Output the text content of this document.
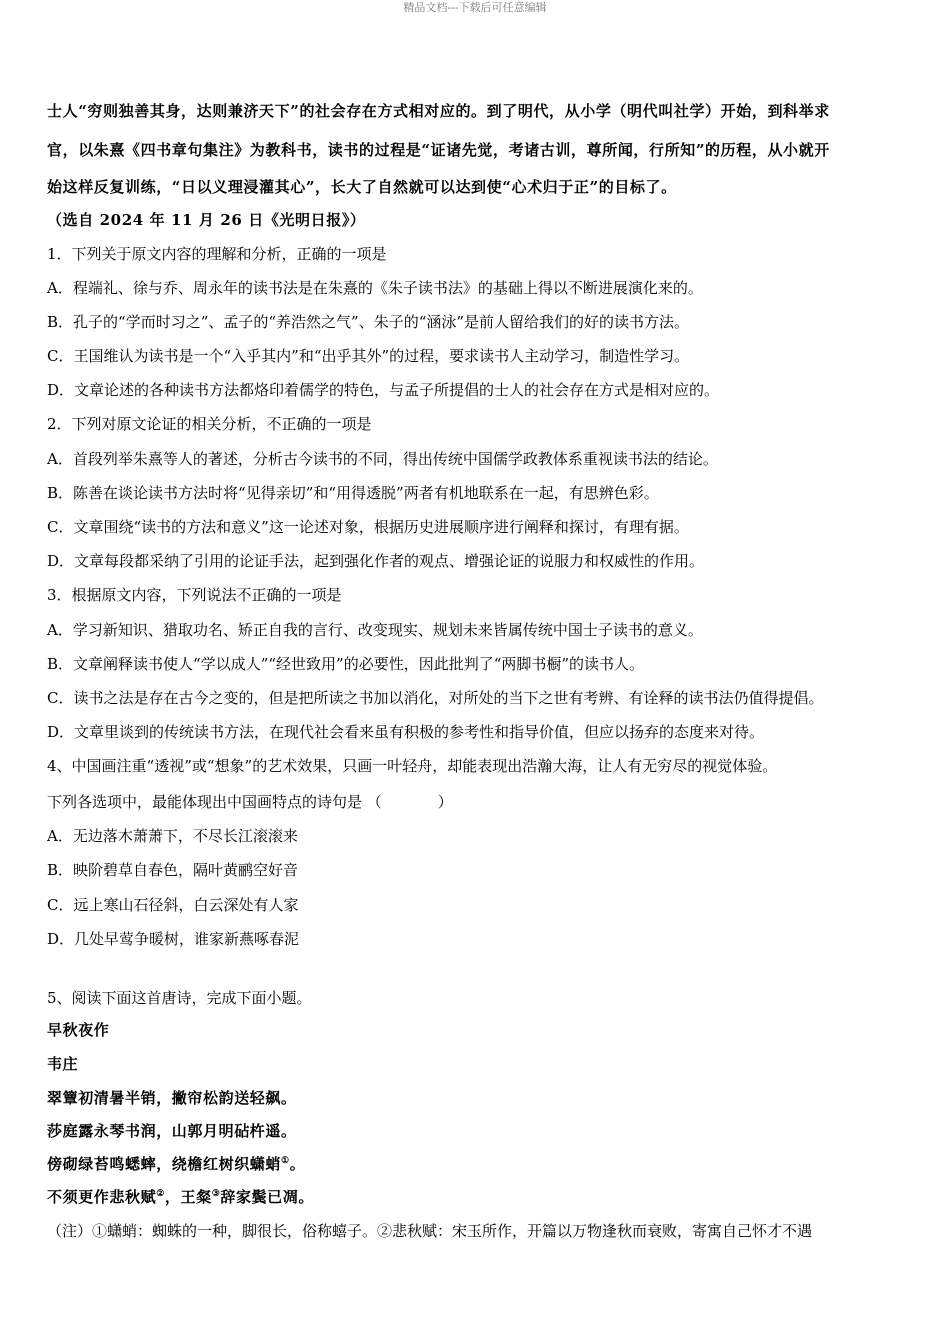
精品文档---下载后可任意编辑
士人“穷则独善其身，达则兼济天下”的社会存在方式相对应的。到了明代，从小学（明代叫社学）开始，到科举求
官，以朱熹《四书章句集注》为教科书，读书的过程是“证诸先觉，考诸古训，尊所闻，行所知”的历程，从小就开
始这样反复训练，“日以义理浸灌其心”，长大了自然就可以达到使“心术归于正”的目标了。
（选自 2024 年 11 月 26 日《光明日报》）
1．下列关于原文内容的理解和分析，正确的一项是
A．程端礼、徐与乔、周永年的读书法是在朱熹的《朱子读书法》的基础上得以不断进展演化来的。
B．孔子的“学而时习之”、孟子的“养浩然之气”、朱子的“涵泳”是前人留给我们的好的读书方法。
C．王国维认为读书是一个“入乎其内”和“出乎其外”的过程，要求读书人主动学习，制造性学习。
D．文章论述的各种读书方法都烙印着儒学的特色，与孟子所提倡的士人的社会存在方式是相对应的。
2．下列对原文论证的相关分析，不正确的一项是
A．首段列举朱熹等人的著述，分析古今读书的不同，得出传统中国儒学政教体系重视读书法的结论。
B．陈善在谈论读书方法时将“见得亲切”和“用得透脱”两者有机地联系在一起，有思辨色彩。
C．文章围绕“读书的方法和意义”这一论述对象，根据历史进展顺序进行阐释和探讨，有理有据。
D．文章每段都采纳了引用的论证手法，起到强化作者的观点、增强论证的说服力和权威性的作用。
3．根据原文内容，下列说法不正确的一项是
A．学习新知识、猎取功名、矫正自我的言行、改变现实、规划未来皆属传统中国士子读书的意义。
B．文章阐释读书使人“学以成人”“经世致用”的必要性，因此批判了“两脚书橱”的读书人。
C．读书之法是存在古今之变的，但是把所读之书加以消化，对所处的当下之世有考辨、有诠释的读书法仍值得提倡。
D．文章里谈到的传统读书方法，在现代社会看来虽有积极的参考性和指导价值，但应以扬弃的态度来对待。
4、中国画注重“透视”或“想象”的艺术效果，只画一叶轻舟，却能表现出浩瀚大海，让人有无穷尽的视觉体验。
下列各选项中，最能体现出中国画特点的诗句是 （	）
A．无边落木萧萧下，不尽长江滚滚来
B．映阶碧草自春色，隔叶黄鹂空好音
C．远上寒山石径斜，白云深处有人家
D．几处早莺争暖树，谁家新燕啄春泥
5、阅读下面这首唐诗，完成下面小题。
早秋夜作
韦庄
翠簟初清暑半销，撇帘松韵送轻飙。
莎庭露永琴书润，山郭月明砧杵遥。
傍砌绿苔鸣蟋蟀，绕檐红树织蟏蛸①。
不须更作悲秋赋②，王粲③辞家鬓已凋。
（注）①蟏蛸：蜘蛛的一种，脚很长，俗称蟢子。②悲秋赋：宋玉所作，开篇以万物逢秋而衰败，寄寓自己怀才不遇
